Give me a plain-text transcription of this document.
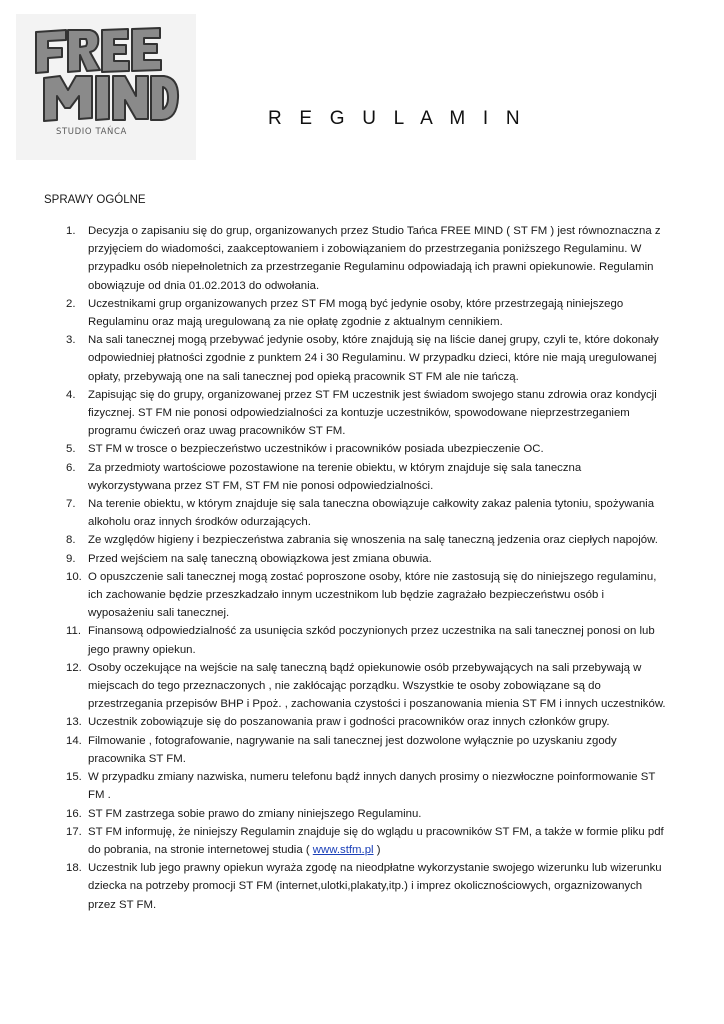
STUDIO TAŃCA
R E G U L A M I N
SPRAWY OGÓLNE
1. Decyzja o zapisaniu się do grup, organizowanych przez Studio Tańca FREE MIND ( ST FM ) jest równoznaczna z przyjęciem do wiadomości, zaakceptowaniem i zobowiązaniem do przestrzegania poniższego Regulaminu. W przypadku osób niepełnoletnich za przestrzeganie Regulaminu odpowiadają ich prawni opiekunowie. Regulamin obowiązuje od dnia 01.02.2013 do odwołania.
2. Uczestnikami grup organizowanych przez ST FM mogą być jedynie osoby, które przestrzegają niniejszego Regulaminu oraz mają uregulowaną za nie opłatę zgodnie z aktualnym cennikiem.
3. Na sali tanecznej mogą przebywać jedynie osoby, które znajdują się na liście danej grupy, czyli te, które dokonały odpowiedniej płatności zgodnie z punktem 24 i 30 Regulaminu. W przypadku dzieci, które nie mają uregulowanej opłaty, przebywają one na sali tanecznej pod opieką pracownik ST FM ale nie tańczą.
4. Zapisując się do grupy, organizowanej przez ST FM uczestnik jest świadom swojego stanu zdrowia oraz kondycji fizycznej. ST FM nie ponosi odpowiedzialności za kontuzje uczestników, spowodowane nieprzestrzeganiem programu ćwiczeń oraz uwag pracowników ST FM.
5. ST FM w trosce o bezpieczeństwo uczestników i pracowników posiada ubezpieczenie OC.
6. Za przedmioty wartościowe pozostawione na terenie obiektu, w którym znajduje się sala taneczna wykorzystywana przez ST FM, ST FM nie ponosi odpowiedzialności.
7. Na terenie obiektu, w którym znajduje się sala taneczna obowiązuje całkowity zakaz palenia tytoniu, spożywania alkoholu oraz innych środków odurzających.
8. Ze względów higieny i bezpieczeństwa zabrania się wnoszenia na salę taneczną jedzenia oraz ciepłych napojów.
9. Przed wejściem na salę taneczną obowiązkowa jest zmiana obuwia.
10. O opuszczenie sali tanecznej mogą zostać poproszone osoby, które nie zastosują się do niniejszego regulaminu, ich zachowanie będzie przeszkadzało innym uczestnikom lub będzie zagrażało bezpieczeństwu osób i wyposażeniu sali tanecznej.
11. Finansową odpowiedzialność za usunięcia szkód poczynionych przez uczestnika na sali tanecznej ponosi on lub jego prawny opiekun.
12. Osoby oczekujące na wejście na salę taneczną bądź opiekunowie osób przebywających na sali przebywają w miejscach do tego przeznaczonych , nie zakłócając porządku. Wszystkie te osoby zobowiązane są do przestrzegania przepisów BHP i Ppoż. , zachowania czystości i poszanowania mienia ST FM i innych uczestników.
13. Uczestnik zobowiązuje się do poszanowania praw i godności pracowników oraz innych członków grupy.
14. Filmowanie , fotografowanie, nagrywanie na sali tanecznej jest dozwolone wyłącznie po uzyskaniu zgody pracownika ST FM.
15. W przypadku zmiany nazwiska, numeru telefonu bądź innych danych prosimy o niezwłoczne poinformowanie ST FM .
16. ST FM zastrzega sobie prawo do zmiany niniejszego Regulaminu.
17. ST FM informuję, że niniejszy Regulamin znajduje się do wglądu u pracowników ST FM, a także w formie pliku pdf do pobrania, na stronie internetowej studia ( www.stfm.pl )
18. Uczestnik lub jego prawny opiekun wyraża zgodę na nieodpłatne wykorzystanie swojego wizerunku lub wizerunku dziecka na potrzeby promocji ST FM (internet,ulotki,plakaty,itp.) i imprez okolicznościowych, orgaznizowanych przez ST FM.
